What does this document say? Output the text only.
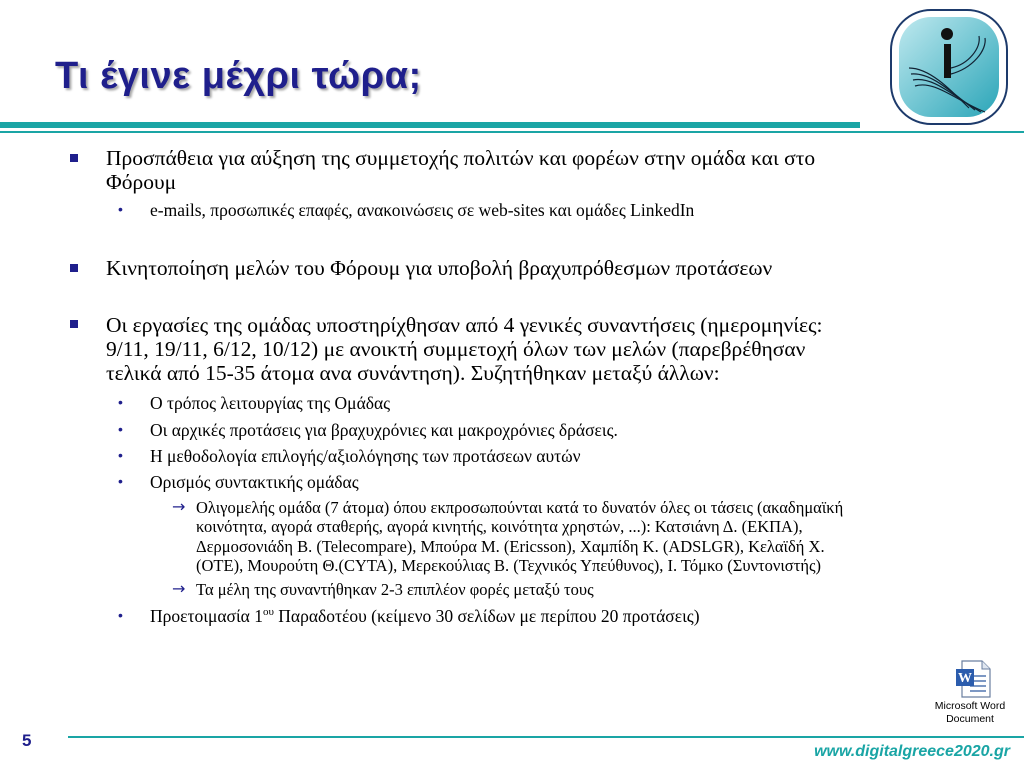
Τι έγινε μέχρι τώρα;
Προσπάθεια για αύξηση της συμμετοχής πολιτών και φορέων στην ομάδα και στο
Φόρουμ
• e-mails, προσωπικές επαφές, ανακοινώσεις σε web-sites και ομάδες LinkedIn
Κινητοποίηση μελών του Φόρουμ για υποβολή βραχυπρόθεσμων προτάσεων
Οι εργασίες της ομάδας υποστηρίχθησαν από 4 γενικές συναντήσεις (ημερομηνίες:
9/11, 19/11, 6/12, 10/12) με ανοικτή συμμετοχή όλων των μελών (παρεβρέθησαν
τελικά από 15-35 άτομα ανα συνάντηση). Συζητήθηκαν μεταξύ άλλων:
• Ο τρόπος λειτουργίας της Ομάδας
• Οι αρχικές προτάσεις για βραχυχρόνιες και μακροχρόνιες δράσεις.
• Η μεθοδολογία επιλογής/αξιολόγησης των προτάσεων αυτών
• Ορισμός συντακτικής ομάδας
→ Ολιγομελής ομάδα (7 άτομα) όπου εκπροσωπούνται κατά το δυνατόν όλες οι τάσεις (ακαδημαϊκή
κοινότητα, αγορά σταθερής, αγορά κινητής, κοινότητα χρηστών, ...): Κατσιάνη Δ. (ΕΚΠΑ),
Δερμοσονιάδη Β. (Telecompare), Μπούρα Μ. (Ericsson), Χαμπίδη Κ. (ADSLGR), Κελαϊδή Χ.
(ΟΤΕ), Μουρούτη Θ.(CYTA), Μερεκούλιας Β. (Τεχνικός Υπεύθυνος), Ι. Τόμκο (Συντονιστής)
→ Τα μέλη της συναντήθηκαν 2-3 επιπλέον φορές μεταξύ τους
• Προετοιμασία $1^{o\upsilon}$ Παραδοτέου (κείμενο 30 σελίδων με περίπου 20 προτάσεις)
W
Microsoft Word
Document
5
www.digitalgreece2020.gr
